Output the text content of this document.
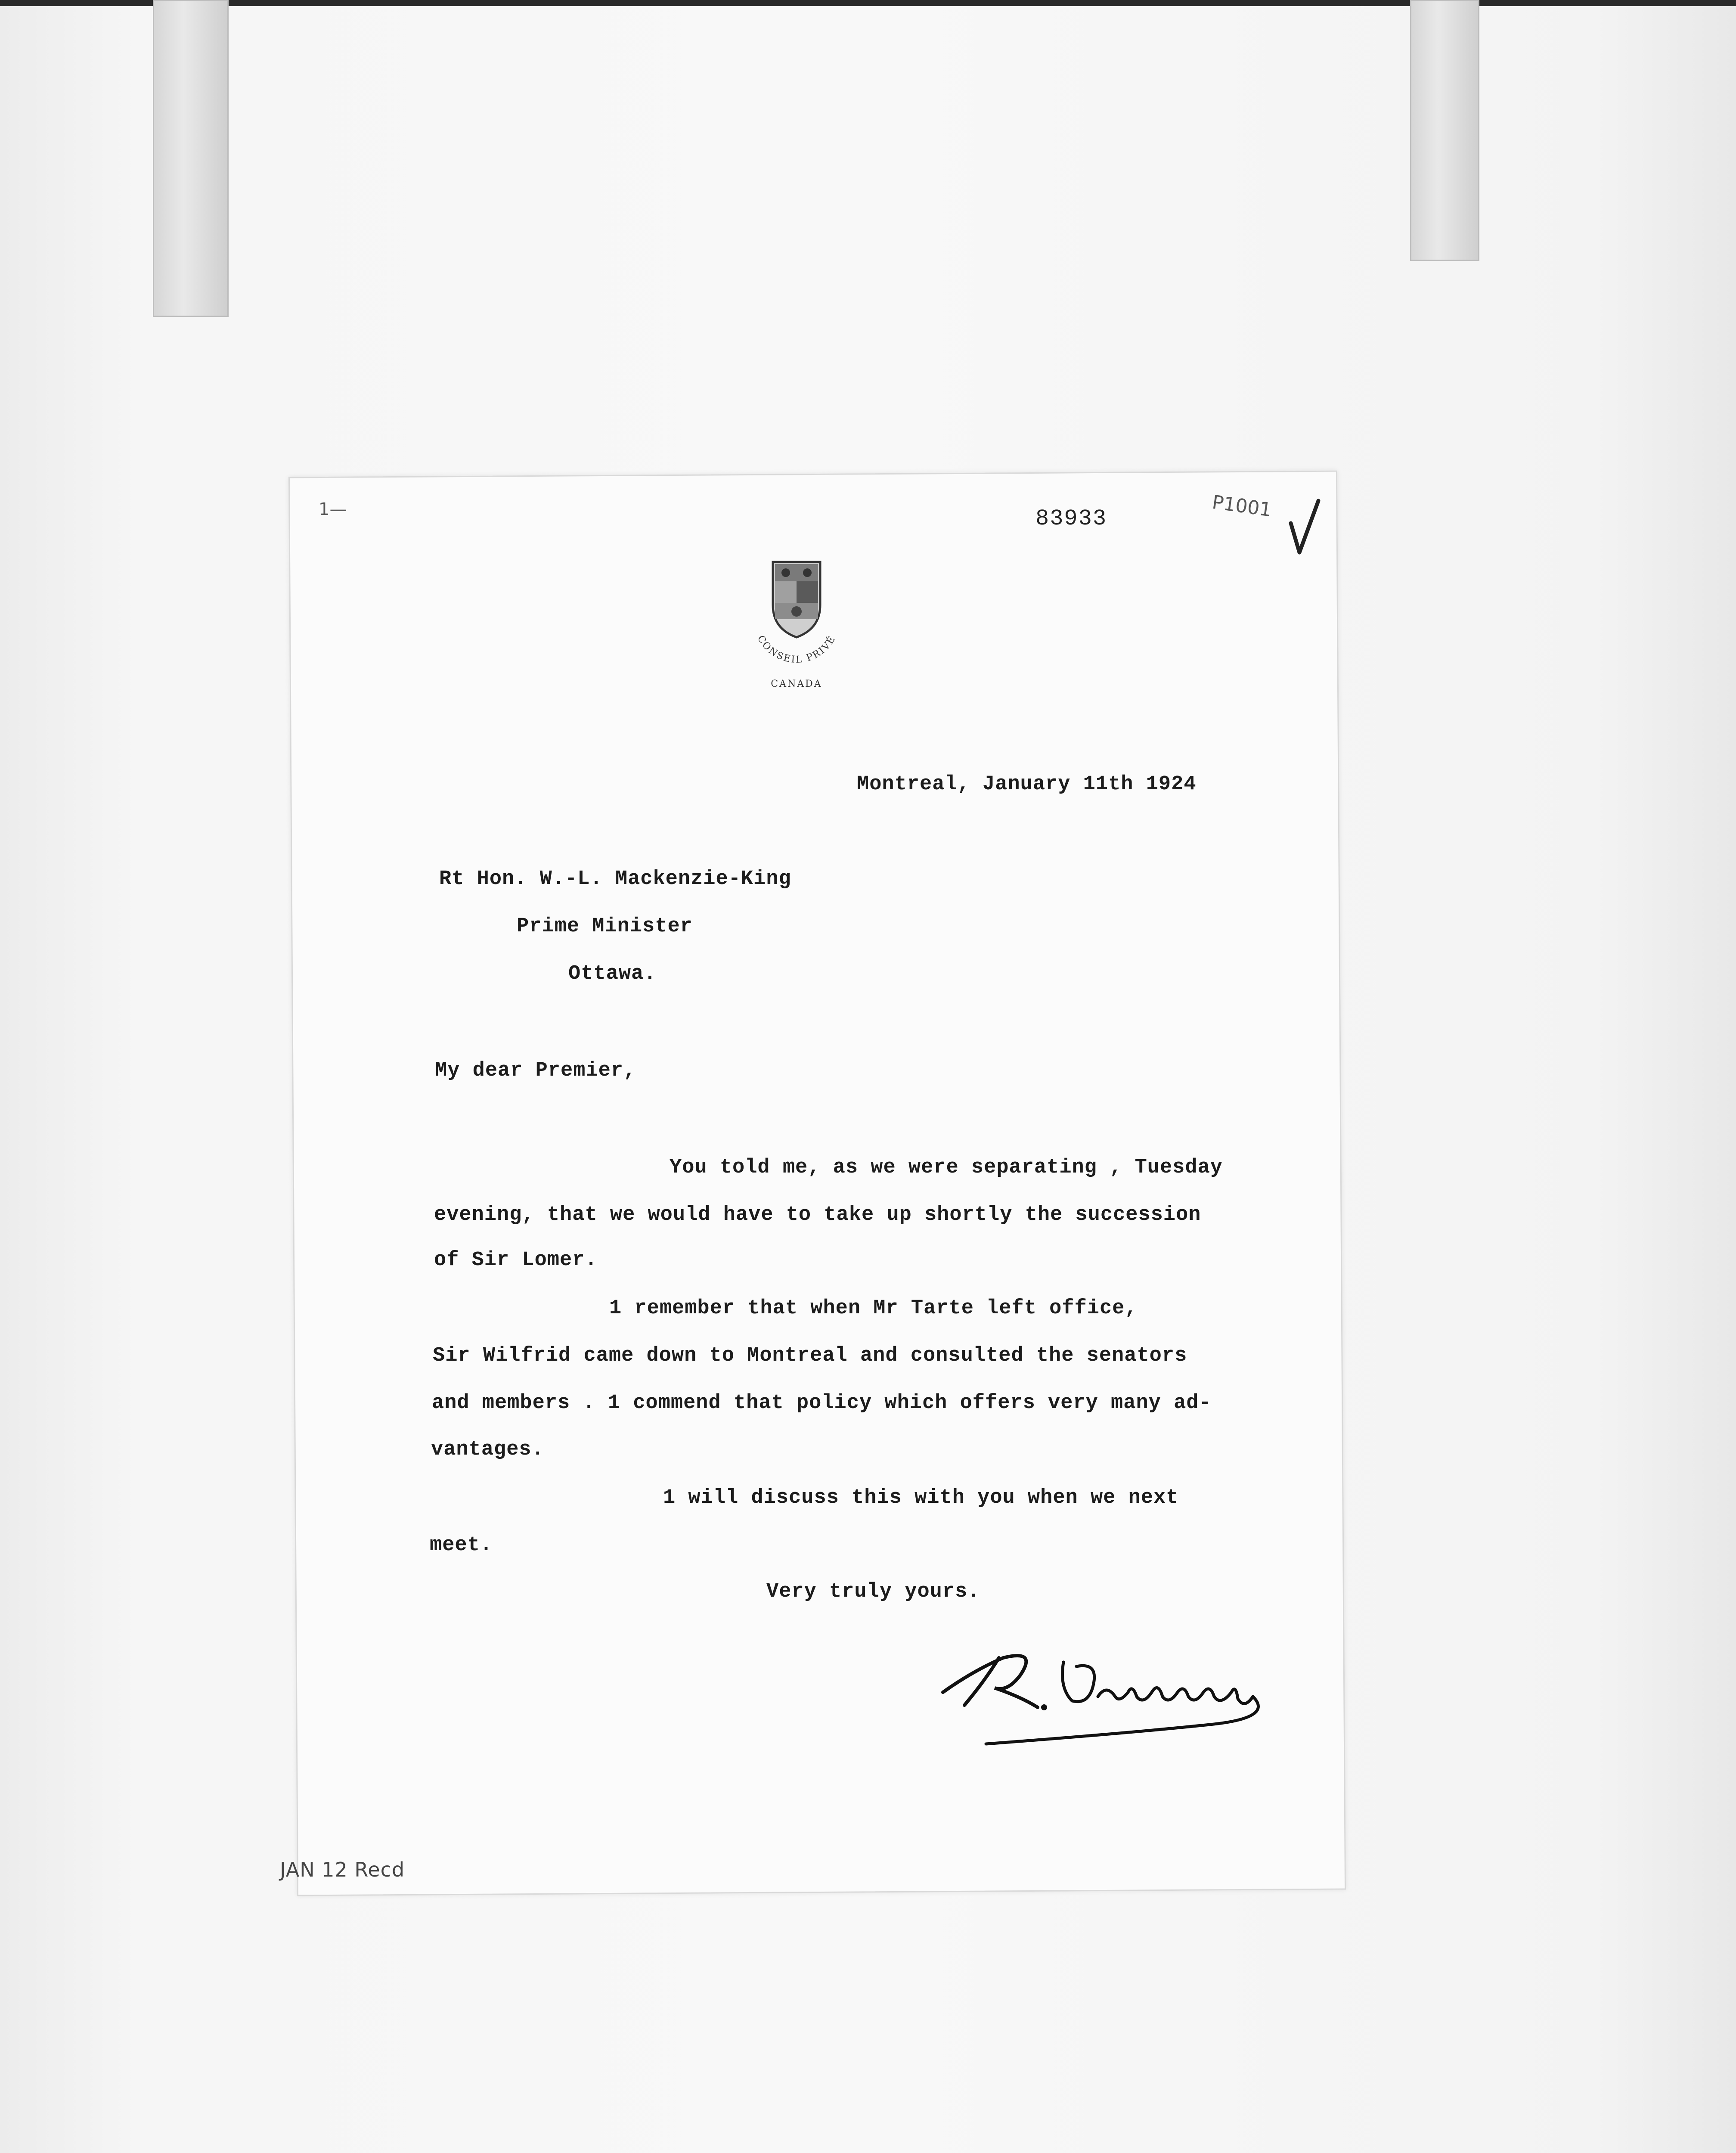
1—	P1001
83933
CONSEIL PRIVÉ
CANADA
Montreal, January 11th 1924
Rt Hon. W.-L. Mackenzie-King
Prime Minister
Ottawa.
My dear Premier,
You told me, as we were separating , Tuesday
evening, that we would have to take up shortly the succession
of Sir Lomer.
1 remember that when Mr Tarte left office,
Sir Wilfrid came down to Montreal and consulted the senators
and members . 1 commend that policy which offers very many ad-
vantages.
1 will discuss this with you when we next
meet.
Very truly yours.
JAN 12 Recd
